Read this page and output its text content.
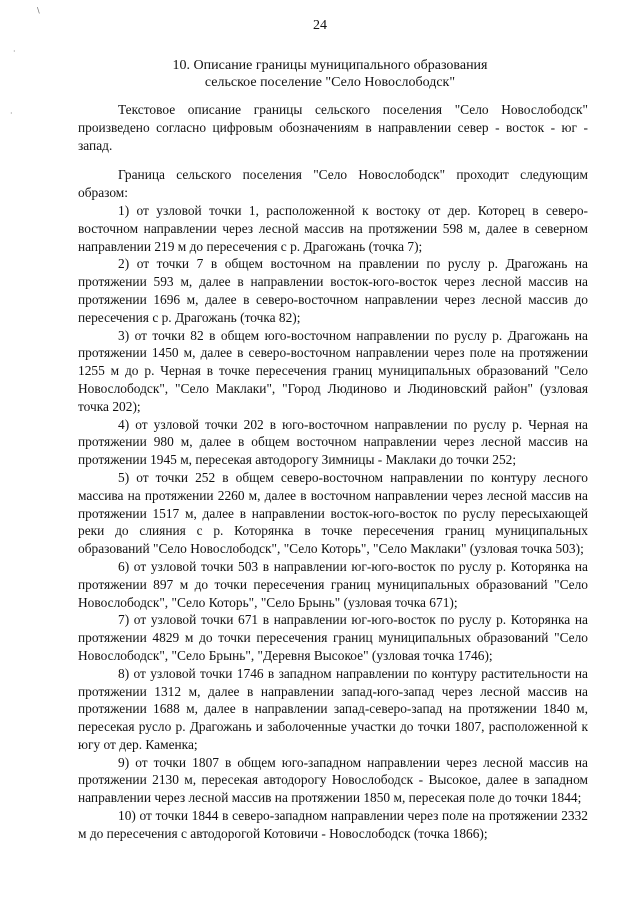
\
·
·
24
10. Описание границы муниципального образования
сельское поселение "Село Новослободск"

Текстовое описание границы сельского поселения "Село Новослободск" произведено согласно цифровым обозначениям в направлении север - восток - юг - запад.

Граница сельского поселения "Село Новослободск" проходит следующим образом:

1) от узловой точки 1, расположенной к востоку от дер. Которец в северо-восточном направлении через лесной массив на протяжении 598 м, далее в северном направлении 219 м до пересечения с р. Драгожань (точка 7);

2) от точки 7 в общем восточном на правлении по руслу р. Драгожань на протяжении 593 м, далее в направлении восток-юго-восток через лесной массив на протяжении 1696 м, далее в северо-восточном направлении через лесной массив до пересечения с р. Драгожань (точка 82);

3) от точки 82 в общем юго-восточном направлении по руслу р. Драгожань на протяжении 1450 м, далее в северо-восточном направлении через поле на протяжении 1255 м до р. Черная в точке пересечения границ муниципальных образований "Село Новослободск", "Село Маклаки", "Город Людиново и Людиновский район" (узловая точка 202);

4) от узловой точки 202 в юго-восточном направлении по руслу р. Черная на протяжении 980 м, далее в общем восточном направлении через лесной массив на протяжении 1945 м, пересекая автодорогу Зимницы - Маклаки до точки 252;

5) от точки 252 в общем северо-восточном направлении по контуру лесного массива на протяжении 2260 м, далее в восточном направлении через лесной массив на протяжении 1517 м, далее в направлении восток-юго-восток по руслу пересыхающей реки до слияния с р. Которянка в точке пересечения границ муниципальных образований "Село Новослободск", "Село Которь", "Село Маклаки" (узловая точка 503);

6) от узловой точки 503 в направлении юг-юго-восток по руслу р. Которянка на протяжении 897 м до точки пересечения границ муниципальных образований "Село Новослободск", "Село Которь", "Село Брынь" (узловая точка 671);

7) от узловой точки 671 в направлении юг-юго-восток по руслу р. Которянка на протяжении 4829 м до точки пересечения границ муниципальных образований "Село Новослободск", "Село Брынь", "Деревня Высокое" (узловая точка 1746);

8) от узловой точки 1746 в западном направлении по контуру растительности на протяжении 1312 м, далее в направлении запад-юго-запад через лесной массив на протяжении 1688 м, далее в направлении запад-северо-запад на протяжении 1840 м, пересекая русло р. Драгожань и заболоченные участки до точки 1807, расположенной к югу от дер. Каменка;

9) от точки 1807 в общем юго-западном направлении через лесной массив на протяжении 2130 м, пересекая автодорогу Новослободск - Высокое, далее в западном направлении через лесной массив на протяжении 1850 м, пересекая поле до точки 1844;

10) от точки 1844 в северо-западном направлении через поле на протяжении 2332 м до пересечения с автодорогой Котовичи - Новослободск (точка 1866);
